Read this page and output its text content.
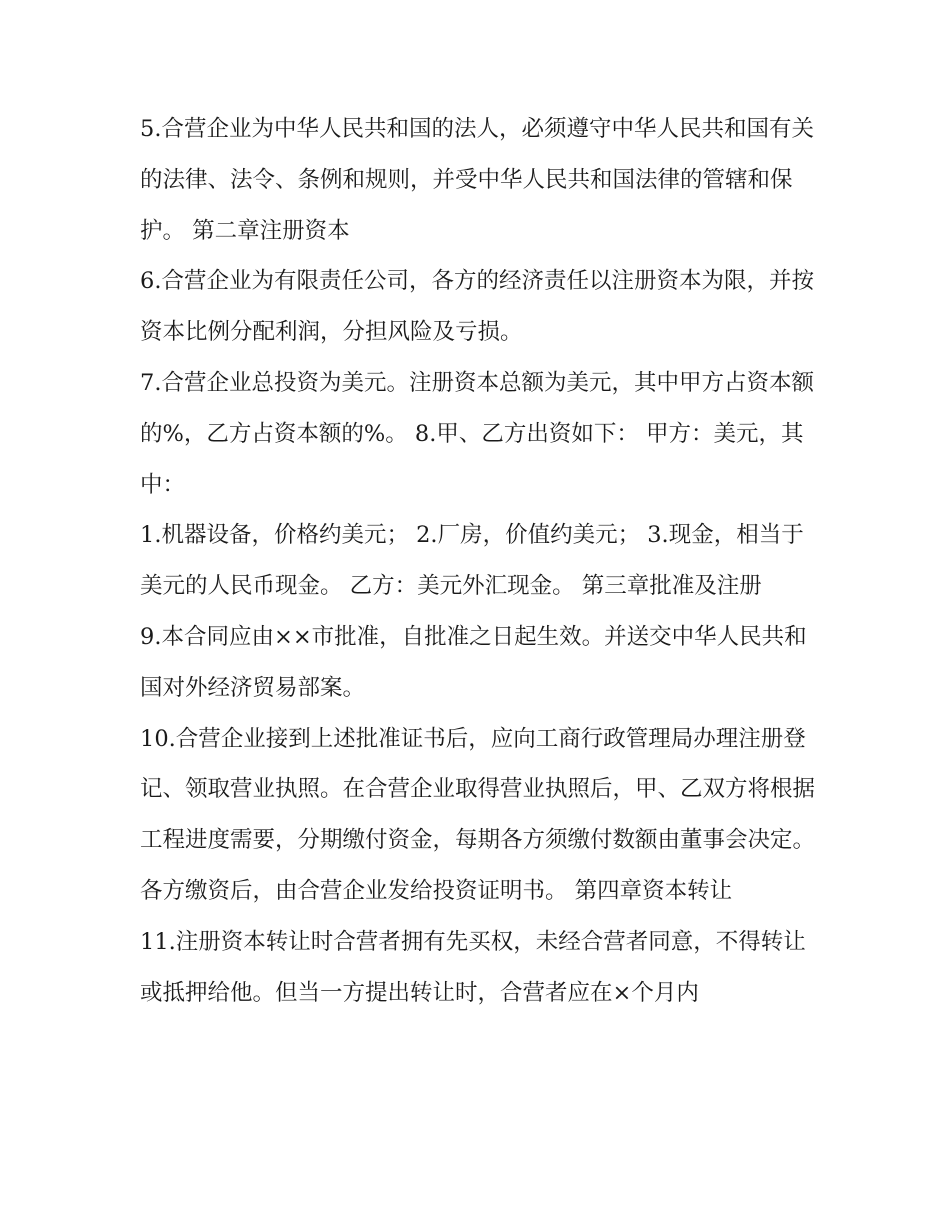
5.合营企业为中华人民共和国的法人，必须遵守中华人民共和国有关的法律、法令、条例和规则，并受中华人民共和国法律的管辖和保护。 第二章注册资本

6.合营企业为有限责任公司，各方的经济责任以注册资本为限，并按资本比例分配利润，分担风险及亏损。

7.合营企业总投资为美元。注册资本总额为美元，其中甲方占资本额的%，乙方占资本额的%。 8.甲、乙方出资如下： 甲方：美元，其中：

1.机器设备，价格约美元； 2.厂房，价值约美元； 3.现金，相当于美元的人民币现金。 乙方：美元外汇现金。 第三章批准及注册

9.本合同应由××市批准，自批准之日起生效。并送交中华人民共和国对外经济贸易部案。

10.合营企业接到上述批准证书后，应向工商行政管理局办理注册登记、领取营业执照。在合营企业取得营业执照后，甲、乙双方将根据工程进度需要，分期缴付资金，每期各方须缴付数额由董事会决定。

各方缴资后，由合营企业发给投资证明书。 第四章资本转让

11.注册资本转让时合营者拥有先买权，未经合营者同意，不得转让或抵押给他。但当一方提出转让时，合营者应在×个月内
